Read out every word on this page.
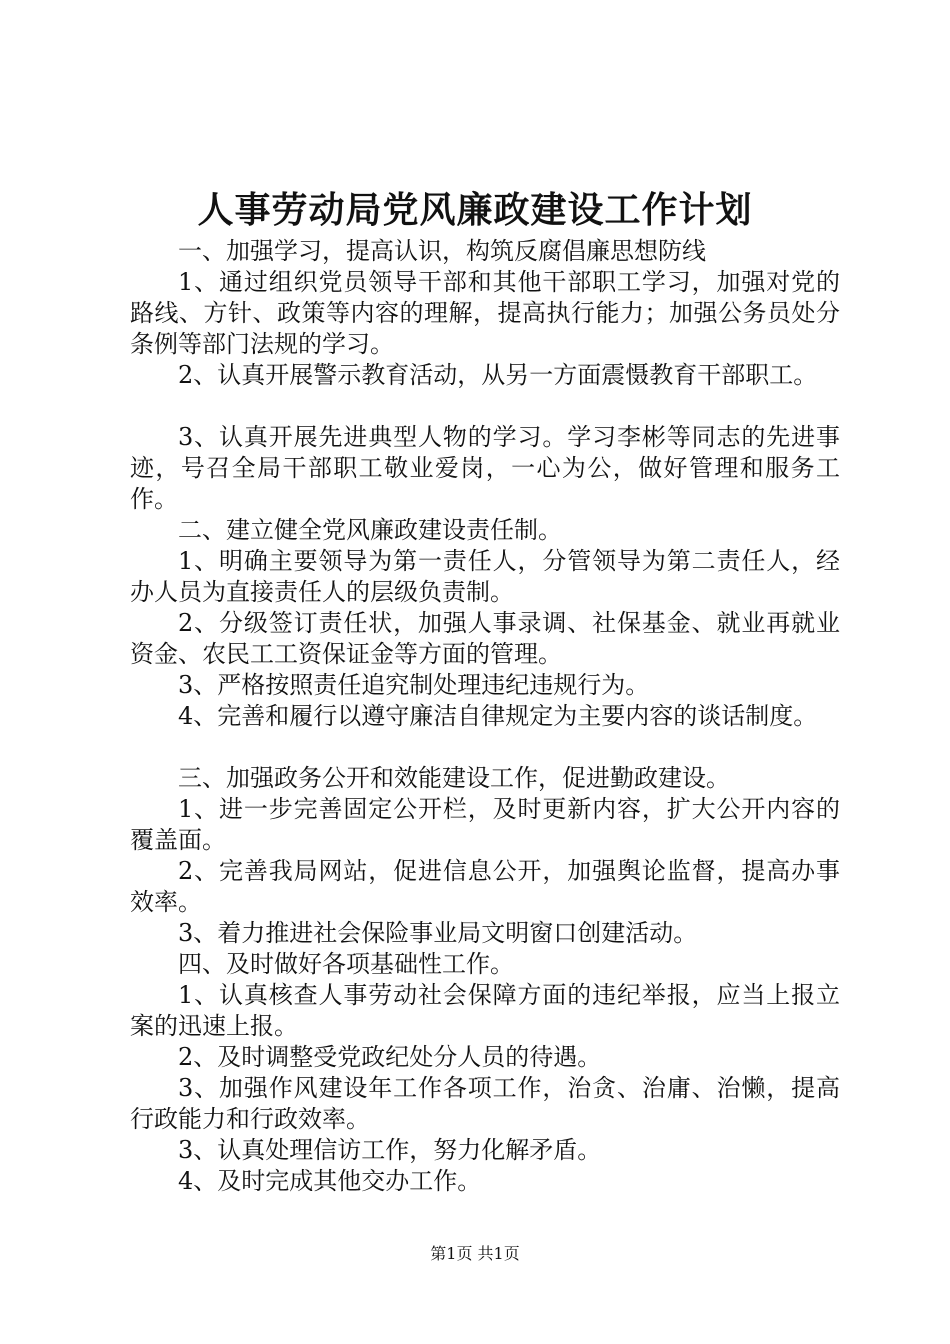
人事劳动局党风廉政建设工作计划

一、加强学习，提高认识，构筑反腐倡廉思想防线

1、通过组织党员领导干部和其他干部职工学习，加强对党的路线、方针、政策等内容的理解，提高执行能力；加强公务员处分条例等部门法规的学习。

2、认真开展警示教育活动，从另一方面震慑教育干部职工。

3、认真开展先进典型人物的学习。学习李彬等同志的先进事迹，号召全局干部职工敬业爱岗，一心为公，做好管理和服务工作。

二、建立健全党风廉政建设责任制。

1、明确主要领导为第一责任人，分管领导为第二责任人，经办人员为直接责任人的层级负责制。

2、分级签订责任状，加强人事录调、社保基金、就业再就业资金、农民工工资保证金等方面的管理。

3、严格按照责任追究制处理违纪违规行为。

4、完善和履行以遵守廉洁自律规定为主要内容的谈话制度。

三、加强政务公开和效能建设工作，促进勤政建设。

1、进一步完善固定公开栏，及时更新内容，扩大公开内容的覆盖面。

2、完善我局网站，促进信息公开，加强舆论监督，提高办事效率。

3、着力推进社会保险事业局文明窗口创建活动。

四、及时做好各项基础性工作。

1、认真核查人事劳动社会保障方面的违纪举报，应当上报立案的迅速上报。

2、及时调整受党政纪处分人员的待遇。

3、加强作风建设年工作各项工作，治贪、治庸、治懒，提高行政能力和行政效率。

3、认真处理信访工作，努力化解矛盾。

4、及时完成其他交办工作。

第1页 共1页
